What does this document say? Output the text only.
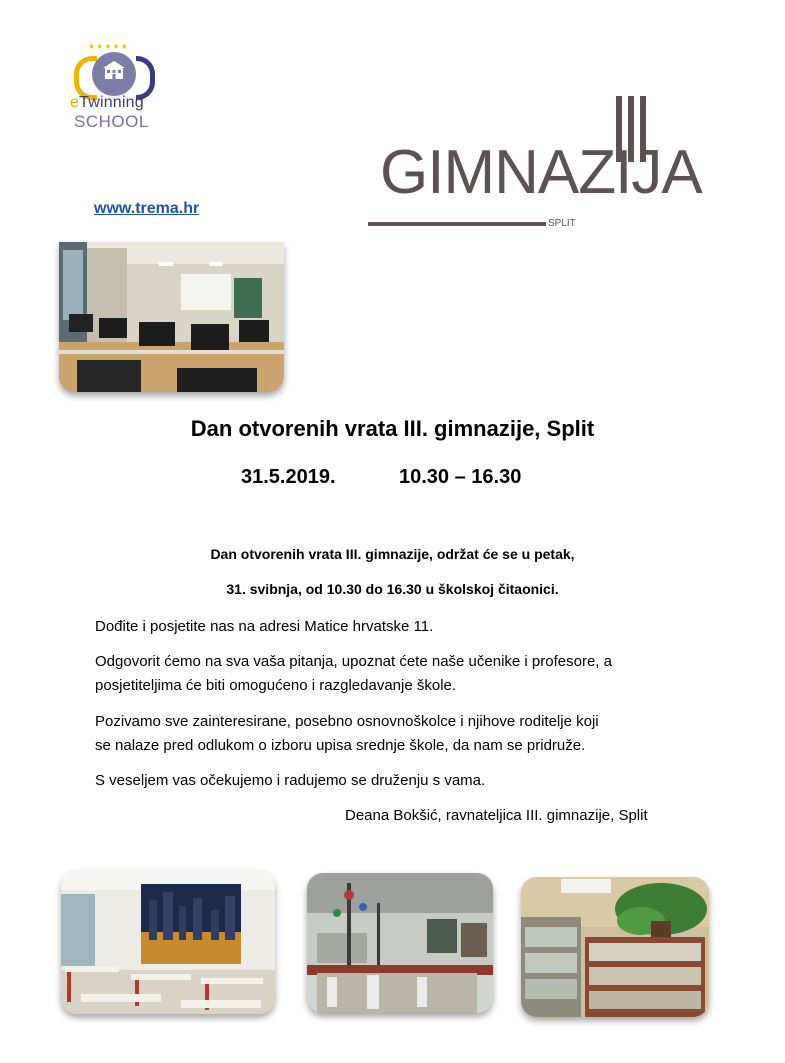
★★★★★
eTwinning
SCHOOL
GIMNAZIJA
SPLIT
www.trema.hr
Dan otvorenih vrata III. gimnazije, Split
31.5.2019.	10.30 – 16.30
Dan otvorenih vrata III. gimnazije, održat će se u petak,
31. svibnja, od 10.30 do 16.30 u školskoj čitaonici.
Dođite i posjetite nas na adresi Matice hrvatske 11.
Odgovorit ćemo na sva vaša pitanja, upoznat ćete naše učenike i profesore, a
posjetiteljima će biti omogućeno i razgledavanje škole.
Pozivamo sve zainteresirane, posebno osnovnoškolce i njihove roditelje koji
se nalaze pred odlukom o izboru upisa srednje škole, da nam se pridruže.
S veseljem vas očekujemo i radujemo se druženju s vama.
Deana Bokšić, ravnateljica III. gimnazije, Split
